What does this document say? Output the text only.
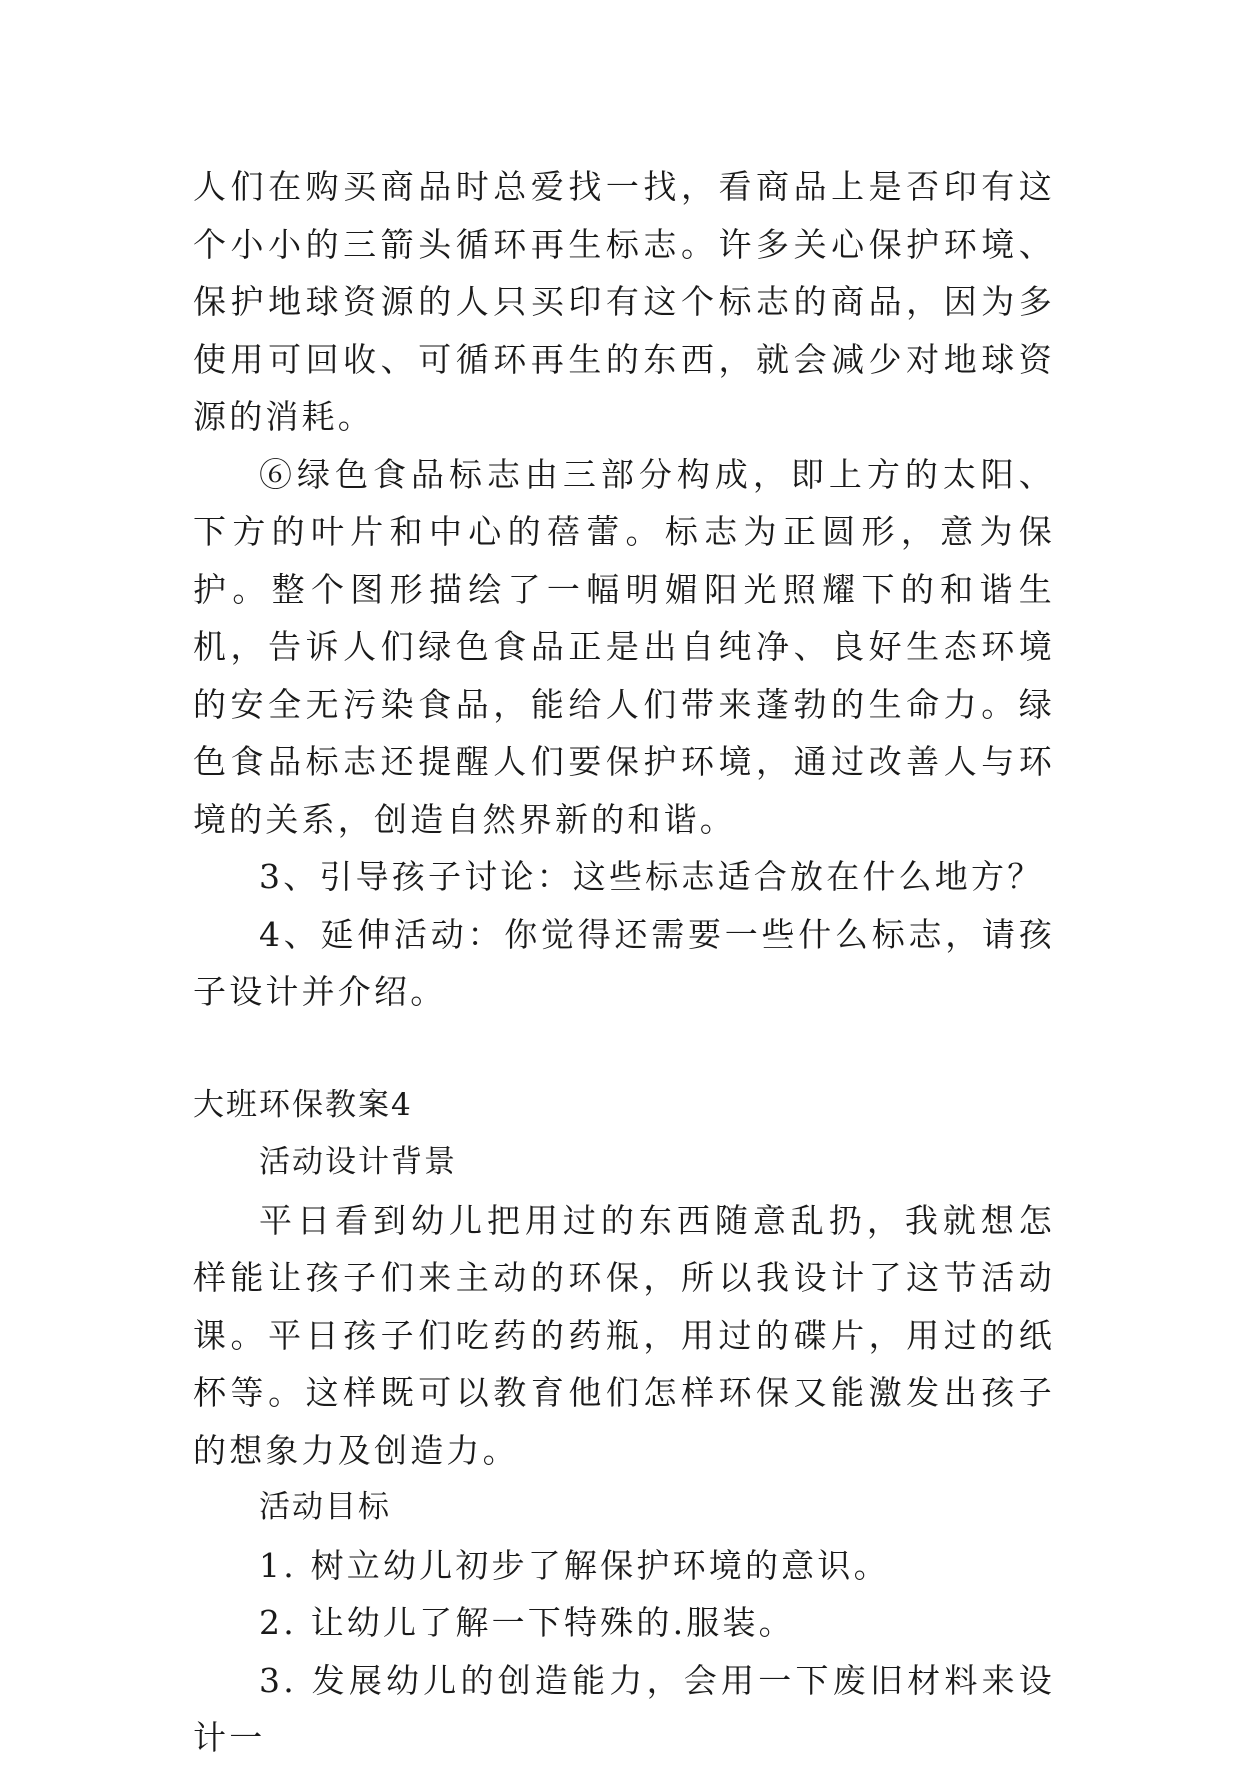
人们在购买商品时总爱找一找，看商品上是否印有这个小小的三箭头循环再生标志。许多关心保护环境、保护地球资源的人只买印有这个标志的商品，因为多使用可回收、可循环再生的东西，就会减少对地球资源的消耗。

⑥绿色食品标志由三部分构成，即上方的太阳、下方的叶片和中心的蓓蕾。标志为正圆形，意为保护。整个图形描绘了一幅明媚阳光照耀下的和谐生机，告诉人们绿色食品正是出自纯净、良好生态环境的安全无污染食品，能给人们带来蓬勃的生命力。绿色食品标志还提醒人们要保护环境，通过改善人与环境的关系，创造自然界新的和谐。

3、引导孩子讨论：这些标志适合放在什么地方？

4、延伸活动：你觉得还需要一些什么标志，请孩子设计并介绍。

大班环保教案4

活动设计背景

平日看到幼儿把用过的东西随意乱扔，我就想怎样能让孩子们来主动的环保，所以我设计了这节活动课。平日孩子们吃药的药瓶，用过的碟片，用过的纸杯等。这样既可以教育他们怎样环保又能激发出孩子的想象力及创造力。

活动目标

1. 树立幼儿初步了解保护环境的意识。

2. 让幼儿了解一下特殊的.服装。

3. 发展幼儿的创造能力，会用一下废旧材料来设计一
